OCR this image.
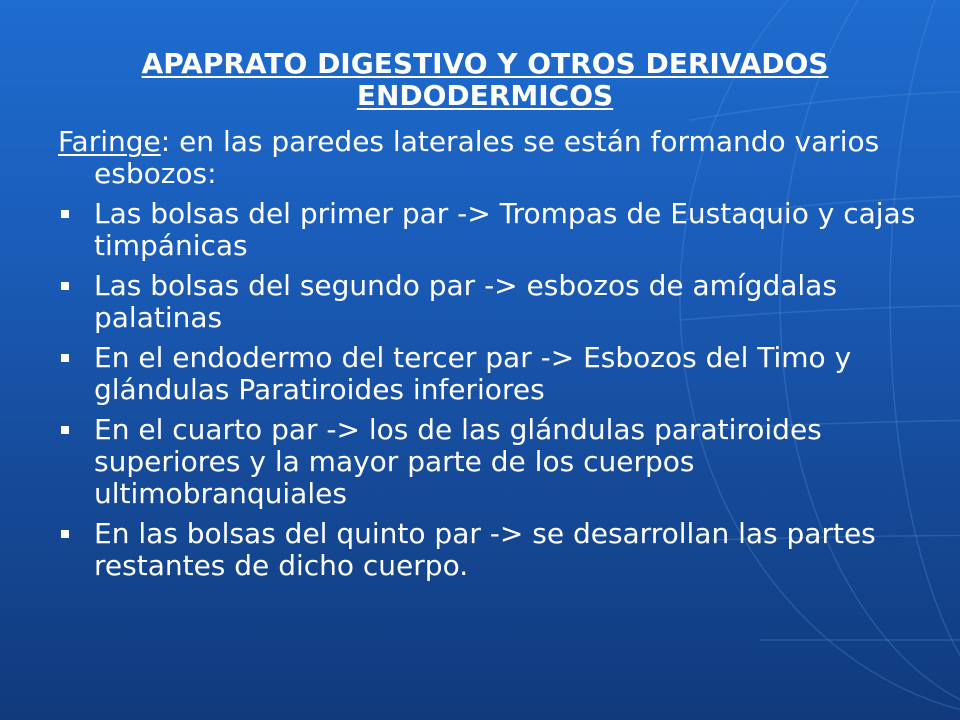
APAPRATO DIGESTIVO Y OTROS DERIVADOS
ENDODERMICOS
Faringe: en las paredes laterales se están formando varios esbozos:
Las bolsas del primer par -> Trompas de Eustaquio y cajas timpánicas
Las bolsas del segundo par -> esbozos de amígdalas palatinas
En el endodermo del tercer par -> Esbozos del Timo y glándulas Paratiroides inferiores
En el cuarto par -> los de las glándulas paratiroides superiores y la mayor parte de los cuerpos ultimobranquiales
En las bolsas del quinto par -> se desarrollan las partes restantes de dicho cuerpo.
